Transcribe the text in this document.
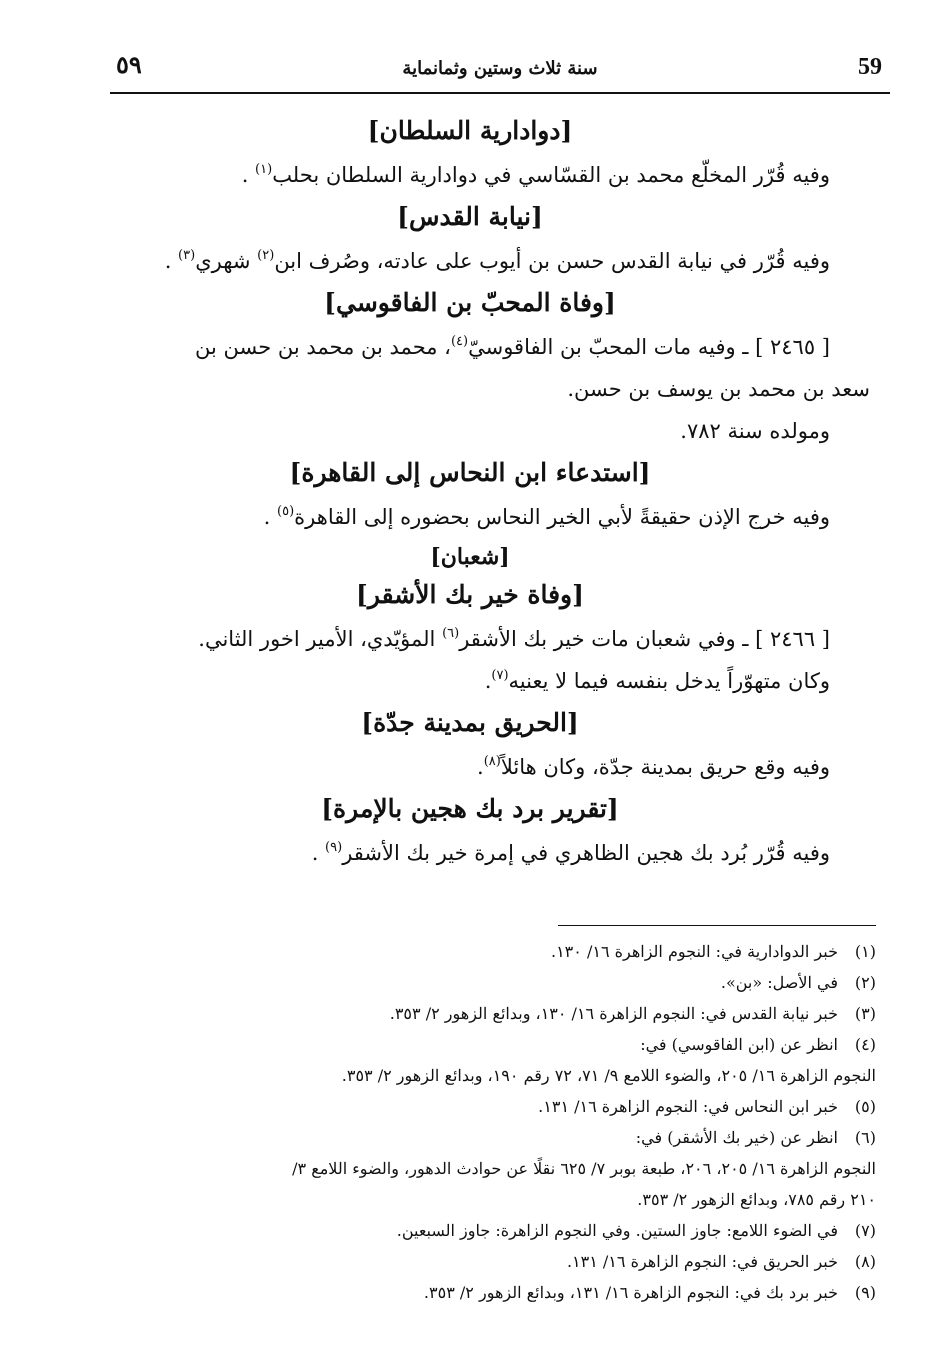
59
سنة ثلاث وستين وثمانماية
٥٩
[دوادارية السلطان]

وفيه قُرّر المخلّع محمد بن القسّاسي في دوادارية السلطان بحلب$^{(١)}$ .

[نيابة القدس]

وفيه قُرّر في نيابة القدس حسن بن أيوب على عادته، وصُرف ابن$^{(٢)}$ شهري$^{(٣)}$ .

[وفاة المحبّ بن الفاقوسي]

[ ٢٤٦٥ ] ـ وفيه مات المحبّ بن الفاقوسيّ$^{(٤)}$، محمد بن محمد بن حسن بن

سعد بن محمد بن يوسف بن حسن.

ومولده سنة ٧٨٢.

[استدعاء ابن النحاس إلى القاهرة]

وفيه خرج الإذن حقيقةً لأبي الخير النحاس بحضوره إلى القاهرة$^{(٥)}$ .

[شعبان]
[وفاة خير بك الأشقر]

[ ٢٤٦٦ ] ـ وفي شعبان مات خير بك الأشقر$^{(٦)}$ المؤيّدي، الأمير اخور الثاني.

وكان متهوّراً يدخل بنفسه فيما لا يعنيه$^{(٧)}$.

[الحريق بمدينة جدّة]

وفيه وقع حريق بمدينة جدّة، وكان هائلاً$^{(٨)}$.

[تقرير برد بك هجين بالإمرة]

وفيه قُرّر بُرد بك هجين الظاهري في إمرة خير بك الأشقر$^{(٩)}$ .

(١)
خبر الدوادارية في: النجوم الزاهرة ١٦/ ١٣٠.
(٢)
في الأصل: «بن».
(٣)
خبر نيابة القدس في: النجوم الزاهرة ١٦/ ١٣٠، وبدائع الزهور ٢/ ٣٥٣.
(٤)
انظر عن (ابن الفاقوسي) في:
النجوم الزاهرة ١٦/ ٢٠٥، والضوء اللامع ٩/ ٧١، ٧٢ رقم ١٩٠، وبدائع الزهور ٢/ ٣٥٣.
(٥)
خبر ابن النحاس في: النجوم الزاهرة ١٦/ ١٣١.
(٦)
انظر عن (خير بك الأشقر) في:
النجوم الزاهرة ١٦/ ٢٠٥، ٢٠٦، طبعة بوبر ٧/ ٦٢٥ نقلًا عن حوادث الدهور، والضوء اللامع ٣/
٢١٠ رقم ٧٨٥، وبدائع الزهور ٢/ ٣٥٣.
(٧)
في الضوء اللامع: جاوز الستين. وفي النجوم الزاهرة: جاوز السبعين.
(٨)
خبر الحريق في: النجوم الزاهرة ١٦/ ١٣١.
(٩)
خبر برد بك في: النجوم الزاهرة ١٦/ ١٣١، وبدائع الزهور ٢/ ٣٥٣.
